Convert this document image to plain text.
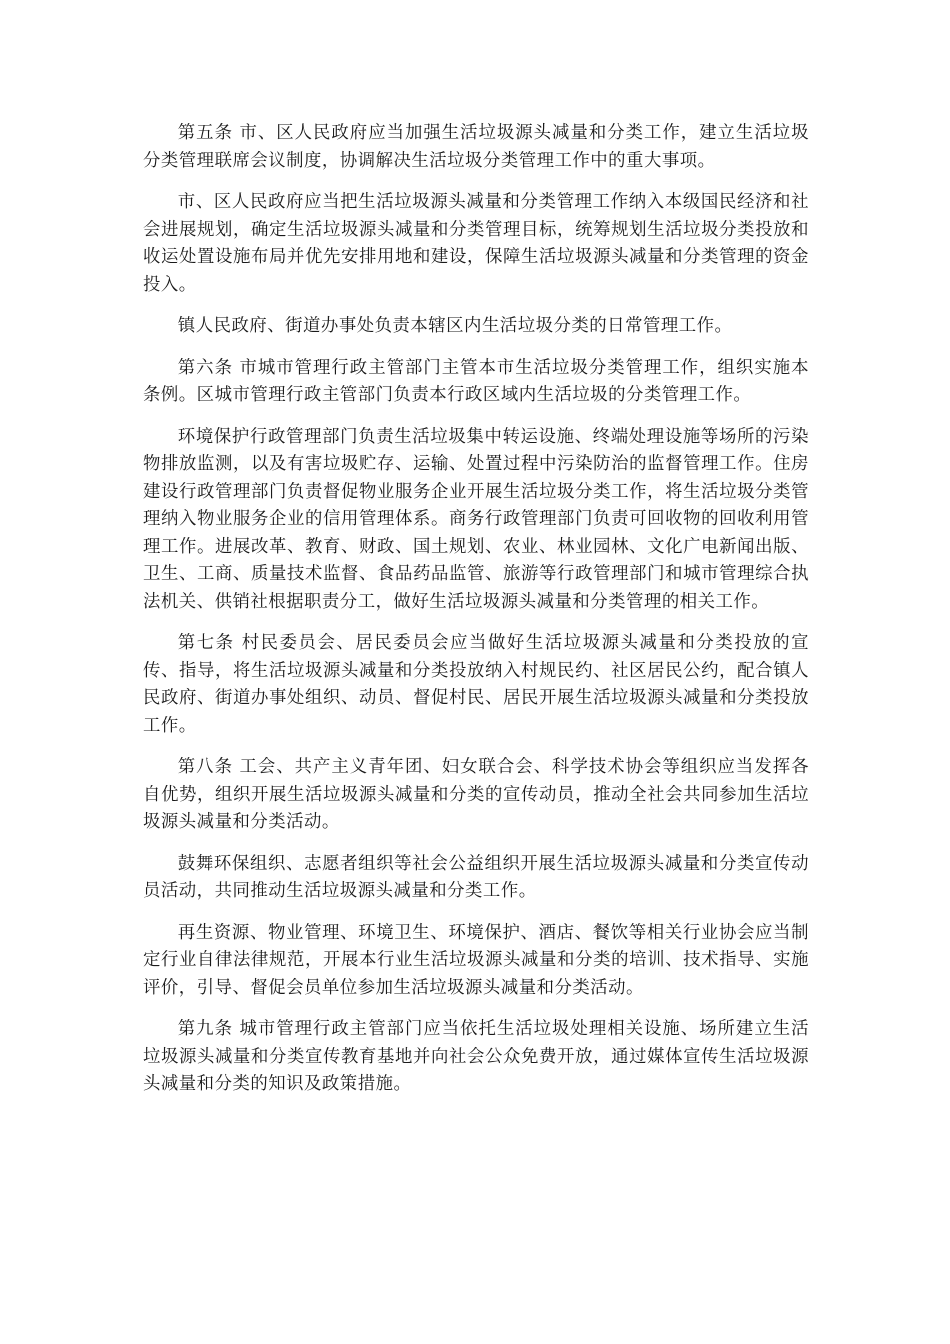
第五条 市、区人民政府应当加强生活垃圾源头减量和分类工作，建立生活垃圾分类管理联席会议制度，协调解决生活垃圾分类管理工作中的重大事项。

市、区人民政府应当把生活垃圾源头减量和分类管理工作纳入本级国民经济和社会进展规划，确定生活垃圾源头减量和分类管理目标，统筹规划生活垃圾分类投放和收运处置设施布局并优先安排用地和建设，保障生活垃圾源头减量和分类管理的资金投入。

镇人民政府、街道办事处负责本辖区内生活垃圾分类的日常管理工作。

第六条 市城市管理行政主管部门主管本市生活垃圾分类管理工作，组织实施本条例。区城市管理行政主管部门负责本行政区域内生活垃圾的分类管理工作。

环境保护行政管理部门负责生活垃圾集中转运设施、终端处理设施等场所的污染物排放监测，以及有害垃圾贮存、运输、处置过程中污染防治的监督管理工作。住房建设行政管理部门负责督促物业服务企业开展生活垃圾分类工作，将生活垃圾分类管理纳入物业服务企业的信用管理体系。商务行政管理部门负责可回收物的回收利用管理工作。进展改革、教育、财政、国土规划、农业、林业园林、文化广电新闻出版、卫生、工商、质量技术监督、食品药品监管、旅游等行政管理部门和城市管理综合执法机关、供销社根据职责分工，做好生活垃圾源头减量和分类管理的相关工作。

第七条 村民委员会、居民委员会应当做好生活垃圾源头减量和分类投放的宣传、指导，将生活垃圾源头减量和分类投放纳入村规民约、社区居民公约，配合镇人民政府、街道办事处组织、动员、督促村民、居民开展生活垃圾源头减量和分类投放工作。

第八条 工会、共产主义青年团、妇女联合会、科学技术协会等组织应当发挥各自优势，组织开展生活垃圾源头减量和分类的宣传动员，推动全社会共同参加生活垃圾源头减量和分类活动。

鼓舞环保组织、志愿者组织等社会公益组织开展生活垃圾源头减量和分类宣传动员活动，共同推动生活垃圾源头减量和分类工作。

再生资源、物业管理、环境卫生、环境保护、酒店、餐饮等相关行业协会应当制定行业自律法律规范，开展本行业生活垃圾源头减量和分类的培训、技术指导、实施评价，引导、督促会员单位参加生活垃圾源头减量和分类活动。

第九条 城市管理行政主管部门应当依托生活垃圾处理相关设施、场所建立生活垃圾源头减量和分类宣传教育基地并向社会公众免费开放，通过媒体宣传生活垃圾源头减量和分类的知识及政策措施。
